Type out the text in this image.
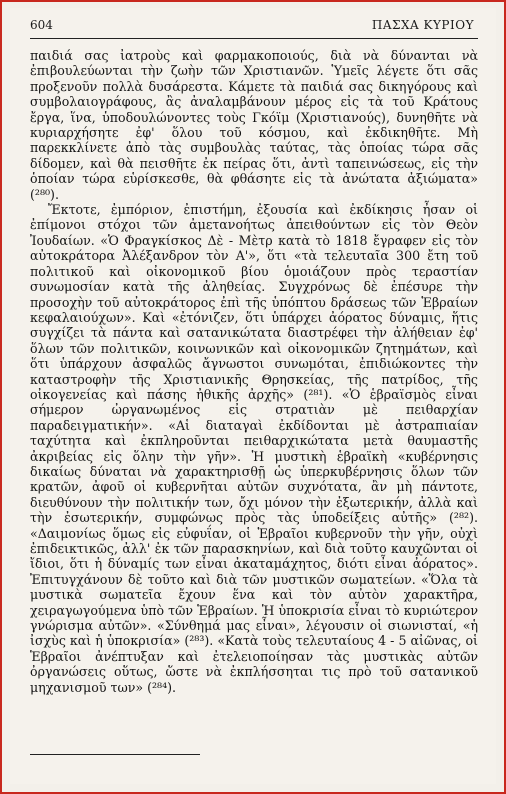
604	ΠΑΣΧΑ ΚΥΡΙΟΥ

παιδιά σας ἰατροὺς καὶ φαρμακοποιούς, διὰ νὰ δύνανται νὰ ἐπιβουλεύωνται τὴν ζωὴν τῶν Χριστιανῶν. Ὑμεῖς λέγετε ὅτι σᾶς προξενοῦν πολλὰ δυσάρεστα. Κάμετε τὰ παιδιά σας δικηγόρους καὶ συμβολαιογράφους, ἂς ἀναλαμβάνουν μέρος εἰς τὰ τοῦ Κράτους ἔργα, ἵνα, ὑποδουλώνοντες τοὺς Γκόϊμ (Χριστιανούς), δυνηθῆτε νὰ κυριαρχήσητε ἐφ' ὅλου τοῦ κόσμου, καὶ ἐκδικηθῆτε. Μὴ παρεκκλίνετε ἀπὸ τὰς συμβουλὰς ταύτας, τὰς ὁποίας τώρα σᾶς δίδομεν, καὶ θὰ πεισθῆτε ἐκ πείρας ὅτι, ἀντὶ ταπεινώσεως, εἰς τὴν ὁποίαν τώρα εὑρίσκεσθε, θὰ φθάσητε εἰς τὰ ἀνώτατα ἀξιώματα» (²⁸⁰).

Ἔκτοτε, ἐμπόριον, ἐπιστήμη, ἐξουσία καὶ ἐκδίκησις ἦσαν οἱ ἐπίμονοι στόχοι τῶν ἀμετανοήτως ἀπειθούντων εἰς τὸν Θεὸν Ἰουδαίων. «Ὁ Φραγκίσκος Δὲ - Μὲτρ κατὰ τὸ 1818 ἔγραφεν εἰς τὸν αὐτοκράτορα Ἀλέξανδρον τὸν Α'», ὅτι «τὰ τελευταῖα 300 ἔτη τοῦ πολιτικοῦ καὶ οἰκονομικοῦ βίου ὁμοιάζουν πρὸς τεραστίαν συνωμοσίαν κατὰ τῆς ἀληθείας. Συγχρόνως δὲ ἐπέσυρε τὴν προσοχὴν τοῦ αὐτοκράτορος ἐπὶ τῆς ὑπόπτου δράσεως τῶν Ἑβραίων κεφαλαιούχων». Καὶ «ἐτόνιζεν, ὅτι ὑπάρχει ἀόρατος δύναμις, ἥτις συγχίζει τὰ πάντα καὶ σατανικώτατα διαστρέφει τὴν ἀλήθειαν ἐφ' ὅλων τῶν πολιτικῶν, κοινωνικῶν καὶ οἰκονομικῶν ζητημάτων, καὶ ὅτι ὑπάρχουν ἀσφαλῶς ἄγνωστοι συνωμόται, ἐπιδιώκοντες τὴν καταστροφὴν τῆς Χριστιανικῆς Θρησκείας, τῆς πατρίδος, τῆς οἰκογενείας καὶ πάσης ἠθικῆς ἀρχῆς» (²⁸¹). «Ὁ ἑβραϊσμὸς εἶναι σήμερον ὠργανωμένος εἰς στρατιὰν μὲ πειθαρχίαν παραδειγματικήν». «Αἱ διαταγαὶ ἐκδίδονται μὲ ἀστραπιαίαν ταχύτητα καὶ ἐκπληροῦνται πειθαρχικώτατα μετὰ θαυμαστῆς ἀκριβείας εἰς ὅλην τὴν γῆν». Ἡ μυστικὴ ἑβραϊκὴ «κυβέρνησις δικαίως δύναται νὰ χαρακτηρισθῇ ὡς ὑπερκυβέρνησις ὅλων τῶν κρατῶν, ἀφοῦ οἱ κυβερνῆται αὐτῶν συχνότατα, ἂν μὴ πάντοτε, διευθύνουν τὴν πολιτικήν των, ὄχι μόνον τὴν ἐξωτερικήν, ἀλλὰ καὶ τὴν ἐσωτερικήν, συμφώνως πρὸς τὰς ὑποδείξεις αὐτῆς» (²⁸²). «Δαιμονίως ὅμως εἰς εὐφυΐαν, οἱ Ἑβραῖοι κυβερνοῦν τὴν γῆν, οὐχὶ ἐπιδεικτικῶς, ἀλλ' ἐκ τῶν παρασκηνίων, καὶ διὰ τοῦτο καυχῶνται οἱ ἴδιοι, ὅτι ἡ δύναμίς των εἶναι ἀκαταμάχητος, διότι εἶναι ἀόρατος». Ἐπιτυγχάνουν δὲ τοῦτο καὶ διὰ τῶν μυστικῶν σωματείων. «Ὅλα τὰ μυστικὰ σωματεῖα ἔχουν ἕνα καὶ τὸν αὐτὸν χαρακτῆρα, χειραγωγούμενα ὑπὸ τῶν Ἑβραίων. Ἡ ὑποκρισία εἶναι τὸ κυριώτερον γνώρισμα αὐτῶν». «Σύνθημά μας εἶναι», λέγουσιν οἱ σιωνισταί, «ἡ ἰσχὺς καὶ ἡ ὑποκρισία» (²⁸³). «Κατὰ τοὺς τελευταίους 4 - 5 αἰῶνας, οἱ Ἑβραῖοι ἀνέπτυξαν καὶ ἐτελειοποίησαν τὰς μυστικὰς αὐτῶν ὀργανώσεις οὕτως, ὥστε νὰ ἐκπλήσσηται τις πρὸ τοῦ σατανικοῦ μηχανισμοῦ των» (²⁸⁴).
